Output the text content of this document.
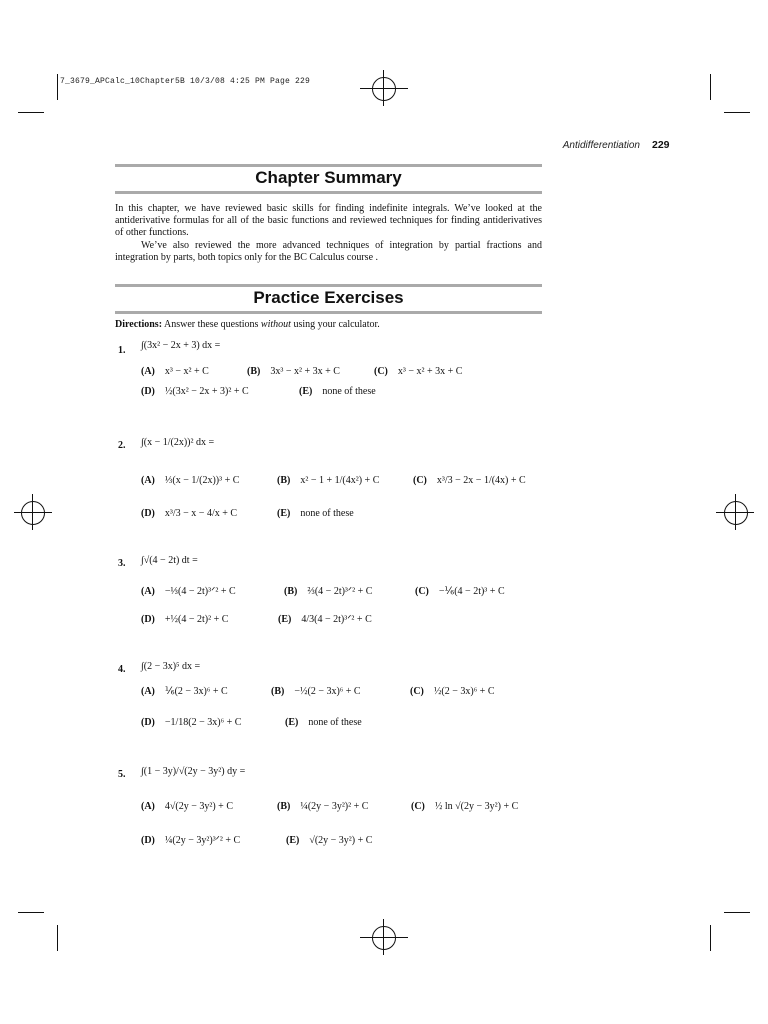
7_3679_APCalc_10Chapter5B 10/3/08 4:25 PM Page 229
Antidifferentiation 229
Chapter Summary

In this chapter, we have reviewed basic skills for finding indefinite integrals. We’ve looked at the antiderivative formulas for all of the basic functions and reviewed techniques for finding antiderivatives of other functions.

We’ve also reviewed the more advanced techniques of integration by partial fractions and integration by parts, both topics only for the BC Calculus course .

Practice Exercises
Directions: Answer these questions without using your calculator.
1. ∫(3x² − 2x + 3) dx =
(A) x³ − x² + C	(B) 3x³ − x² + 3x + C	(C) x³ − x² + 3x + C
(D) ½(3x² − 2x + 3)² + C	(E) none of these
2. ∫(x − 1/(2x))² dx =
(A) ⅓(x − 1/(2x))³ + C	(B) x² − 1 + 1/(4x²) + C	(C) x³/3 − 2x − 1/(4x) + C
(D) x³/3 − x − 4/x + C	(E) none of these
3. ∫√(4 − 2t) dt =
(A) −⅓(4 − 2t)³ᐟ² + C	(B) ⅔(4 − 2t)³ᐟ² + C	(C) −⅙(4 − 2t)³ + C
(D) +½(4 − 2t)² + C	(E) 4/3(4 − 2t)³ᐟ² + C
4. ∫(2 − 3x)⁵ dx =
(A) ⅙(2 − 3x)⁶ + C	(B) −½(2 − 3x)⁶ + C	(C) ½(2 − 3x)⁶ + C
(D) −1/18(2 − 3x)⁶ + C	(E) none of these
5. ∫(1 − 3y)/√(2y − 3y²) dy =
(A) 4√(2y − 3y²) + C	(B) ¼(2y − 3y²)² + C	(C) ½ ln √(2y − 3y²) + C
(D) ¼(2y − 3y²)³ᐟ² + C	(E) √(2y − 3y²) + C
